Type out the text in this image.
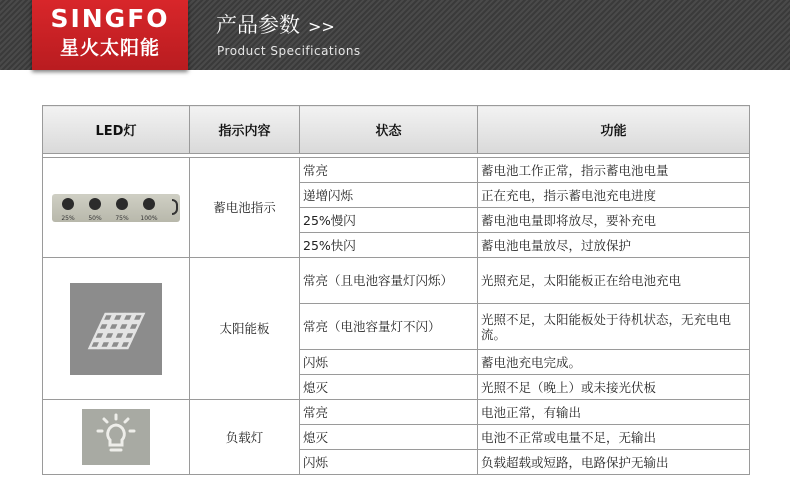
SINGFO
星火太阳能
产品参数 >>
Product Specifications
LED灯	指示内容	状态	功能

25% 50% 75% 100%	蓄电池指示	常亮	蓄电池工作正常，指示蓄电池电量
		递增闪烁	正在充电，指示蓄电池充电进度
		25%慢闪	蓄电池电量即将放尽，要补充电
		25%快闪	蓄电池电量放尽，过放保护
	太阳能板	常亮（且电池容量灯闪烁）	光照充足，太阳能板正在给电池充电
		常亮（电池容量灯不闪）	光照不足，太阳能板处于待机状态，无充电电流。
		闪烁	蓄电池充电完成。
		熄灭	光照不足（晚上）或未接光伏板
	负载灯	常亮	电池正常，有输出
		熄灭	电池不正常或电量不足，无输出
		闪烁	负载超载或短路，电路保护无输出
